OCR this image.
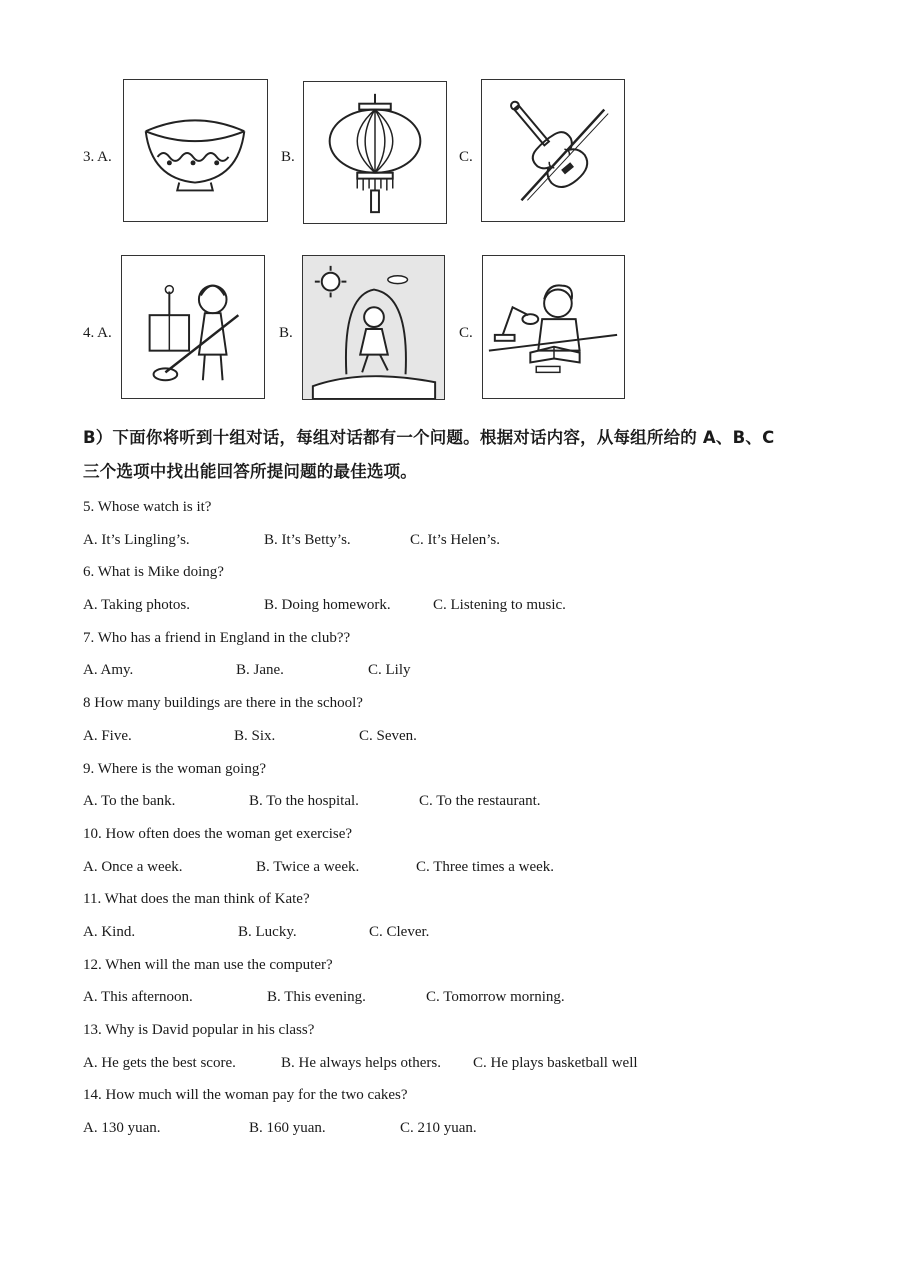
3. A.	B.	C.
4. A.	B.	C.
B）下面你将听到十组对话，每组对话都有一个问题。根据对话内容，从每组所给的 A、B、C
三个选项中找出能回答所提问题的最佳选项。
5. Whose watch is it?
A. It’s Lingling’s.	B. It’s Betty’s.	C. It’s Helen’s.
6. What is Mike doing?
A. Taking photos.	B. Doing homework.	C. Listening to music.
7. Who has a friend in England in the club??
A. Amy.	B. Jane.	C. Lily
8 How many buildings are there in the school?
A. Five.	B. Six.	C. Seven.
9. Where is the woman going?
A. To the bank.	B. To the hospital.	C. To the restaurant.
10. How often does the woman get exercise?
A. Once a week.	B. Twice a week.	C. Three times a week.
11. What does the man think of Kate?
A. Kind.	B. Lucky.	C. Clever.
12. When will the man use the computer?
A. This afternoon.	B. This evening.	C. Tomorrow morning.
13. Why is David popular in his class?
A. He gets the best score.	B. He always helps others. C. He plays basketball well
14. How much will the woman pay for the two cakes?
A. 130 yuan.	B. 160 yuan.	C. 210 yuan.
